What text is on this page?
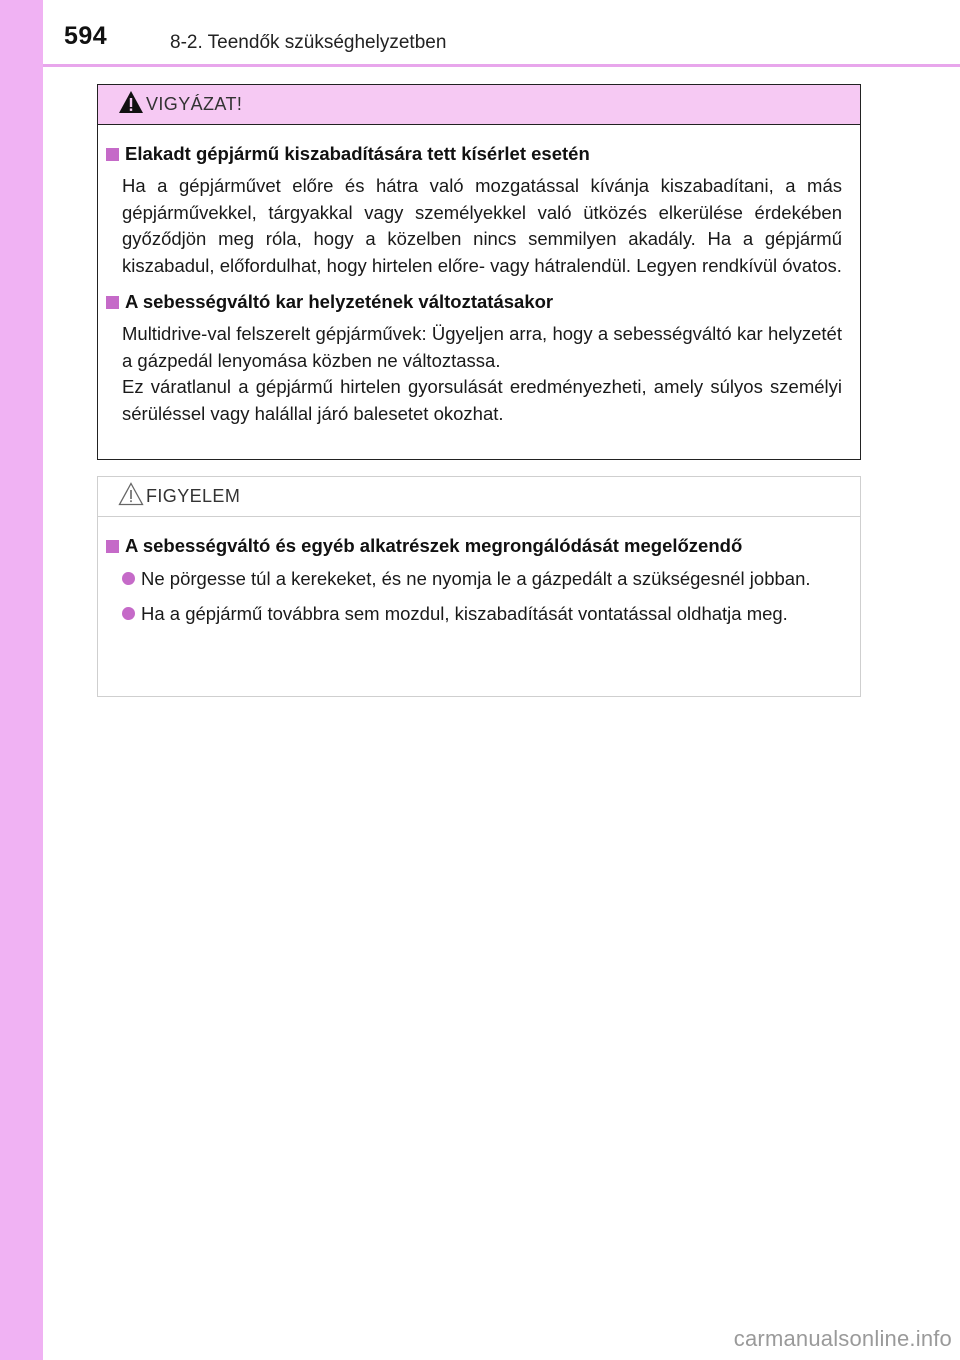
594	8-2. Teendők szükséghelyzetben
VIGYÁZAT!
Elakadt gépjármű kiszabadítására tett kísérlet esetén
Ha a gépjárművet előre és hátra való mozgatással kívánja kiszabadítani, a más gépjárművekkel, tárgyakkal vagy személyekkel való ütközés elkerülése érdekében győződjön meg róla, hogy a közelben nincs semmilyen akadály. Ha a gépjármű kiszabadul, előfordulhat, hogy hirtelen előre- vagy hátralendül. Legyen rendkívül óvatos.
A sebességváltó kar helyzetének változtatásakor
Multidrive-val felszerelt gépjárművek: Ügyeljen arra, hogy a sebességváltó kar helyzetét a gázpedál lenyomása közben ne változtassa.
Ez váratlanul a gépjármű hirtelen gyorsulását eredményezheti, amely súlyos személyi sérüléssel vagy halállal járó balesetet okozhat.
FIGYELEM
A sebességváltó és egyéb alkatrészek megrongálódását megelőzendő
Ne pörgesse túl a kerekeket, és ne nyomja le a gázpedált a szükségesnél jobban.
Ha a gépjármű továbbra sem mozdul, kiszabadítását vontatással oldhatja meg.
carmanualsonline.info
